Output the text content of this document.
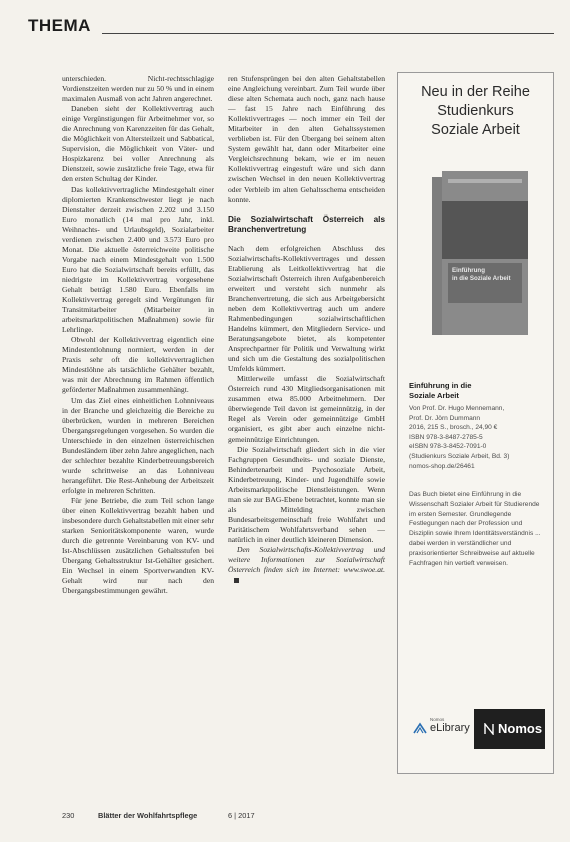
THEMA

unterschieden. Nicht-rechtsschlagige Vordienstzeiten werden nur zu 50 % und in einem maximalen Ausmaß von acht Jahren angerechnet.

Daneben sieht der Kollektivvertrag auch einige Vergünstigungen für Arbeitnehmer vor, so die Anrechnung von Karenzzeiten für das Gehalt, die Möglichkeit von Altersteilzeit und Sabbatical, Supervision, die Möglichkeit von Väter- und Hospizkarenz bei voller Anrechnung als Dienstzeit, sowie zusätzliche freie Tage, etwa für den ersten Schultag der Kinder.

Das kollektivvertragliche Mindestgehalt einer diplomierten Krankenschwester liegt je nach Dienstalter derzeit zwischen 2.202 und 3.150 Euro monatlich (14 mal pro Jahr, inkl. Weihnachts- und Urlaubsgeld), Sozialarbeiter verdienen zwischen 2.400 und 3.573 Euro pro Monat. Die aktuelle österreichweite politische Vorgabe nach einem Mindestgehalt von 1.500 Euro hat die Sozialwirtschaft bereits erfüllt, das niedrigste im Kollektivvertrag vorgesehene Gehalt beträgt 1.580 Euro. Ebenfalls im Kollektivvertrag geregelt sind Vergütungen für Transitmitarbeiter (Mitarbeiter in arbeitsmarktpolitischen Maßnahmen) sowie für Lehrlinge.

Obwohl der Kollektivvertrag eigentlich eine Mindestentlohnung normiert, werden in der Praxis sehr oft die kollektivvertraglichen Mindestlöhne als tatsächliche Gehälter bezahlt, was mit der Abrechnung im Rahmen öffentlich geförderter Maßnahmen zusammenhängt.

Um das Ziel eines einheitlichen Lohnniveaus in der Branche und gleichzeitig die Bereiche zu überbrücken, wurden in mehreren Bereichen Übergangsregelungen vorgesehen. So wurden die Unterschiede in den einzelnen österreichischen Bundesländern über zehn Jahre angeglichen, nach der schlechter bezahlte Kinderbetreuungsbereich wurde schrittweise an das Lohnniveau herangeführt. Die Rest-Anhebung der Arbeitszeit erfolgte in mehreren Schritten.

Für jene Betriebe, die zum Teil schon lange über einen Kollektivvertrag bezahlt haben und insbesondere durch Gehaltstabellen mit einer sehr starken Senioritätskomponente waren, wurde durch die getrennte Vereinbarung von KV- und Ist-Abschlüssen zusätzlichen Gehaltsstufen bei Übergang Gehaltsstruktur Ist-Gehälter gesichert. Ein Wechsel in einem Sportverwandten KV-Gehalt wird nur nach den Übergangsbestimmungen gewährt.

ren Stufensprüngen bei den alten Gehaltstabellen eine Angleichung vereinbart. Zum Teil wurde über diese alten Schemata auch noch, ganz nach hause — fast 15 Jahre nach Einführung des Kollektivvertrages — noch immer ein Teil der Mitarbeiter in den alten Gehaltssystemen verblieben ist. Für den Übergang bei seinem alten System gewählt hat, dann oder Mitarbeiter eine Vergleichsrechnung bekam, wie er im neuen Kollektivvertrag eingestuft wäre und sich dann zwischen Wechsel in den neuen Kollektivvertrag oder Verbleib im alten Gehaltsschema entscheiden konnte.

Die Sozialwirtschaft Österreich als Branchenvertretung

Nach dem erfolgreichen Abschluss des Sozialwirtschafts-Kollektivvertrages und dessen Etablierung als Leitkollektivvertrag hat die Sozialwirtschaft Österreich ihren Aufgabenbereich erweitert und versteht sich nunmehr als Branchenvertretung, die sich aus Arbeitgebersicht neben dem Kollektivvertrag auch um andere Rahmenbedingungen sozialwirtschaftlichen Handelns kümmert, den Mitgliedern Service- und Beratungsangebote bietet, als kompetenter Ansprechpartner für Politik und Verwaltung wirkt und sich um die Gestaltung des sozialpolitischen Umfelds kümmert.

Mittlerweile umfasst die Sozialwirtschaft Österreich rund 430 Mitgliedsorganisationen mit zusammen etwa 85.000 Arbeitnehmern. Der überwiegende Teil davon ist gemeinnützig, in der Regel als Verein oder gemeinnützige GmbH organisiert, es gibt aber auch einzelne nicht-gemeinnützige Einrichtungen.

Die Sozialwirtschaft gliedert sich in die vier Fachgruppen Gesundheits- und soziale Dienste, Behindertenarbeit und Psychosoziale Arbeit, Kinderbetreuung, Kinder- und Jugendhilfe sowie Arbeitsmarktpolitische Dienstleistungen. Wenn man sie zur BAG-Ebene betrachtet, konnte man sie als Mittelding zwischen Bundesarbeitsgemeinschaft freie Wohlfahrt und Paritätischem Wohlfahrtsverband sehen — natürlich in einer deutlich kleineren Dimension.

Den Sozialwirtschafts-Kollektivvertrag und weitere Informationen zur Sozialwirtschaft Österreich finden sich im Internet: www.swoe.at.

Neu in der Reihe
Studienkurs
Soziale Arbeit
Einführung
in die Soziale Arbeit
Einführung in die
Soziale Arbeit
Von Prof. Dr. Hugo Mennemann,
Prof. Dr. Jörn Dummann
2016, 215 S., brosch., 24,90 €
ISBN 978-3-8487-2785-5
eISBN 978-3-8452-7091-0
(Studienkurs Soziale Arbeit, Bd. 3)
nomos-shop.de/26461
Das Buch bietet eine Einführung in die Wissenschaft Sozialer Arbeit für Studierende im ersten Semester. Grundlegende Festlegungen nach der Profession und Disziplin sowie Ihrem Identitätsverständnis ... dabei werden in verständlicher und praxisorientierter Schreibweise auf aktuelle Fachfragen hin vertieft verweisen.
Nomos
eLibrary Nomos
230	Blätter der Wohlfahrtspflege	6 | 2017
